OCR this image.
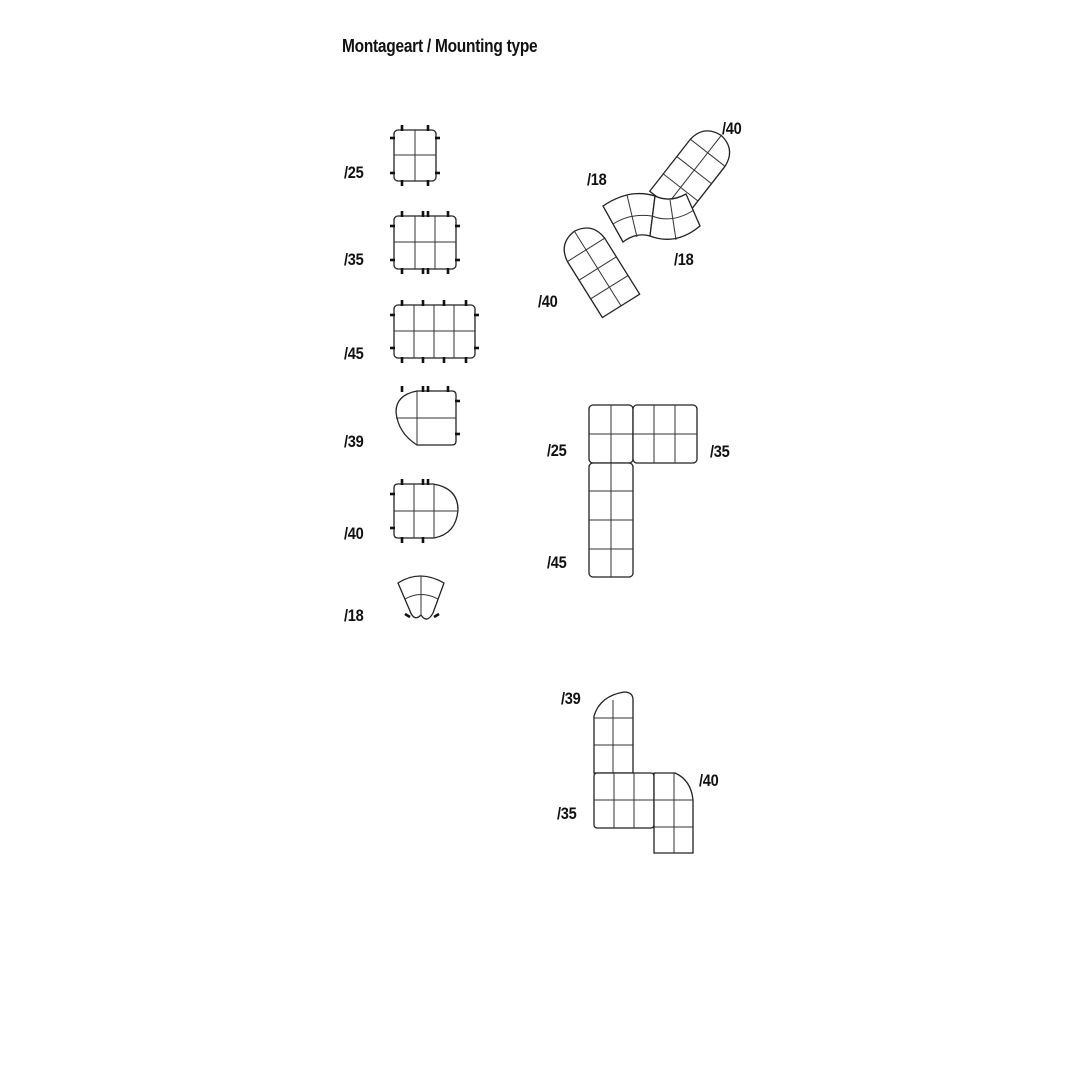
Montageart / Mounting type
/25
/35
/45
/39
/40
/18
/40
/18
/18
/40
/25	/35
/45
/39
/40
/35
